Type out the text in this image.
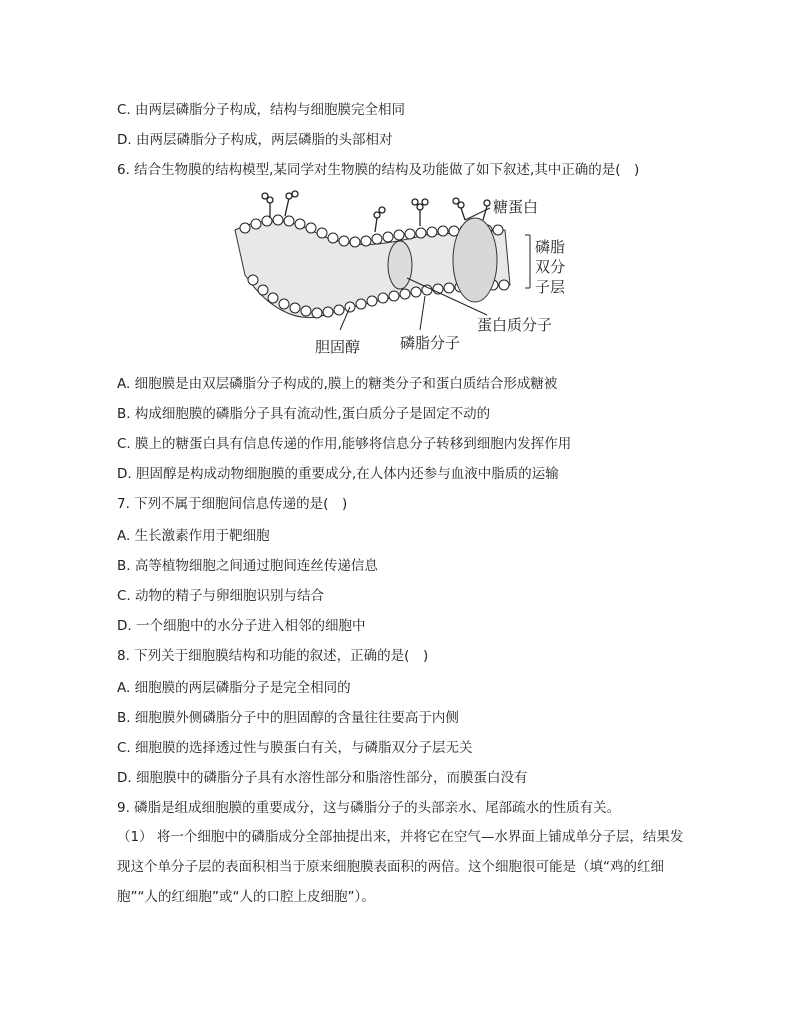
C. 由两层磷脂分子构成，结构与细胞膜完全相同
D. 由两层磷脂分子构成，两层磷脂的头部相对
6. 结合生物膜的结构模型,某同学对生物膜的结构及功能做了如下叙述,其中正确的是(　)
糖蛋白
磷脂
双分
子层
蛋白质分子
胆固醇	磷脂分子
A. 细胞膜是由双层磷脂分子构成的,膜上的糖类分子和蛋白质结合形成糖被
B. 构成细胞膜的磷脂分子具有流动性,蛋白质分子是固定不动的
C. 膜上的糖蛋白具有信息传递的作用,能够将信息分子转移到细胞内发挥作用
D. 胆固醇是构成动物细胞膜的重要成分,在人体内还参与血液中脂质的运输
7. 下列不属于细胞间信息传递的是(　)
A. 生长激素作用于靶细胞
B. 高等植物细胞之间通过胞间连丝传递信息
C. 动物的精子与卵细胞识别与结合
D. 一个细胞中的水分子进入相邻的细胞中
8. 下列关于细胞膜结构和功能的叙述，正确的是(　)
A. 细胞膜的两层磷脂分子是完全相同的
B. 细胞膜外侧磷脂分子中的胆固醇的含量往往要高于内侧
C. 细胞膜的选择透过性与膜蛋白有关，与磷脂双分子层无关
D. 细胞膜中的磷脂分子具有水溶性部分和脂溶性部分，而膜蛋白没有
9. 磷脂是组成细胞膜的重要成分，这与磷脂分子的头部亲水、尾部疏水的性质有关。
（1） 将一个细胞中的磷脂成分全部抽提出来，并将它在空气—水界面上铺成单分子层，结果发现这个单分子层的表面积相当于原来细胞膜表面积的两倍。这个细胞很可能是（填“鸡的红细胞”“人的红细胞”或“人的口腔上皮细胞”）。
